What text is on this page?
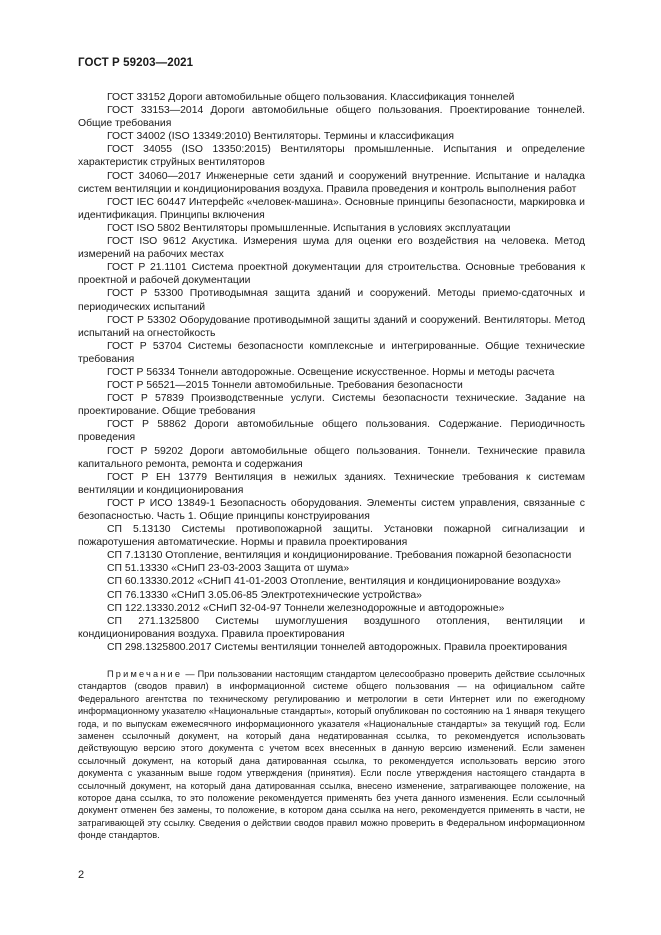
ГОСТ Р 59203—2021

ГОСТ 33152 Дороги автомобильные общего пользования. Классификация тоннелей

ГОСТ 33153—2014 Дороги автомобильные общего пользования. Проектирование тоннелей. Общие требования

ГОСТ 34002 (ISO 13349:2010) Вентиляторы. Термины и классификация

ГОСТ 34055 (ISO 13350:2015) Вентиляторы промышленные. Испытания и определение характеристик струйных вентиляторов

ГОСТ 34060—2017 Инженерные сети зданий и сооружений внутренние. Испытание и наладка систем вентиляции и кондиционирования воздуха. Правила проведения и контроль выполнения работ

ГОСТ IEC 60447 Интерфейс «человек-машина». Основные принципы безопасности, маркировка и идентификация. Принципы включения

ГОСТ ISO 5802 Вентиляторы промышленные. Испытания в условиях эксплуатации

ГОСТ ISO 9612 Акустика. Измерения шума для оценки его воздействия на человека. Метод измерений на рабочих местах

ГОСТ Р 21.1101 Система проектной документации для строительства. Основные требования к проектной и рабочей документации

ГОСТ Р 53300 Противодымная защита зданий и сооружений. Методы приемо-сдаточных и периодических испытаний

ГОСТ Р 53302 Оборудование противодымной защиты зданий и сооружений. Вентиляторы. Метод испытаний на огнестойкость

ГОСТ Р 53704 Системы безопасности комплексные и интегрированные. Общие технические требования

ГОСТ Р 56334 Тоннели автодорожные. Освещение искусственное. Нормы и методы расчета

ГОСТ Р 56521—2015 Тоннели автомобильные. Требования безопасности

ГОСТ Р 57839 Производственные услуги. Системы безопасности технические. Задание на проектирование. Общие требования

ГОСТ Р 58862 Дороги автомобильные общего пользования. Содержание. Периодичность проведения

ГОСТ Р 59202 Дороги автомобильные общего пользования. Тоннели. Технические правила капитального ремонта, ремонта и содержания

ГОСТ Р ЕН 13779 Вентиляция в нежилых зданиях. Технические требования к системам вентиляции и кондиционирования

ГОСТ Р ИСО 13849-1 Безопасность оборудования. Элементы систем управления, связанные с безопасностью. Часть 1. Общие принципы конструирования

СП 5.13130 Системы противопожарной защиты. Установки пожарной сигнализации и пожаротушения автоматические. Нормы и правила проектирования

СП 7.13130 Отопление, вентиляция и кондиционирование. Требования пожарной безопасности

СП 51.13330 «СНиП 23-03-2003 Защита от шума»

СП 60.13330.2012 «СНиП 41-01-2003 Отопление, вентиляция и кондиционирование воздуха»

СП 76.13330 «СНиП 3.05.06-85 Электротехнические устройства»

СП 122.13330.2012 «СНиП 32-04-97 Тоннели железнодорожные и автодорожные»

СП 271.1325800 Системы шумоглушения воздушного отопления, вентиляции и кондиционирования воздуха. Правила проектирования

СП 298.1325800.2017 Системы вентиляции тоннелей автодорожных. Правила проектирования

Примечание — При пользовании настоящим стандартом целесообразно проверить действие ссылочных стандартов (сводов правил) в информационной системе общего пользования — на официальном сайте Федерального агентства по техническому регулированию и метрологии в сети Интернет или по ежегодному информационному указателю «Национальные стандарты», который опубликован по состоянию на 1 января текущего года, и по выпускам ежемесячного информационного указателя «Национальные стандарты» за текущий год. Если заменен ссылочный документ, на который дана недатированная ссылка, то рекомендуется использовать действующую версию этого документа с учетом всех внесенных в данную версию изменений. Если заменен ссылочный документ, на который дана датированная ссылка, то рекомендуется использовать версию этого документа с указанным выше годом утверждения (принятия). Если после утверждения настоящего стандарта в ссылочный документ, на который дана датированная ссылка, внесено изменение, затрагивающее положение, на которое дана ссылка, то это положение рекомендуется применять без учета данного изменения. Если ссылочный документ отменен без замены, то положение, в котором дана ссылка на него, рекомендуется применять в части, не затрагивающей эту ссылку. Сведения о действии сводов правил можно проверить в Федеральном информационном фонде стандартов.

2
